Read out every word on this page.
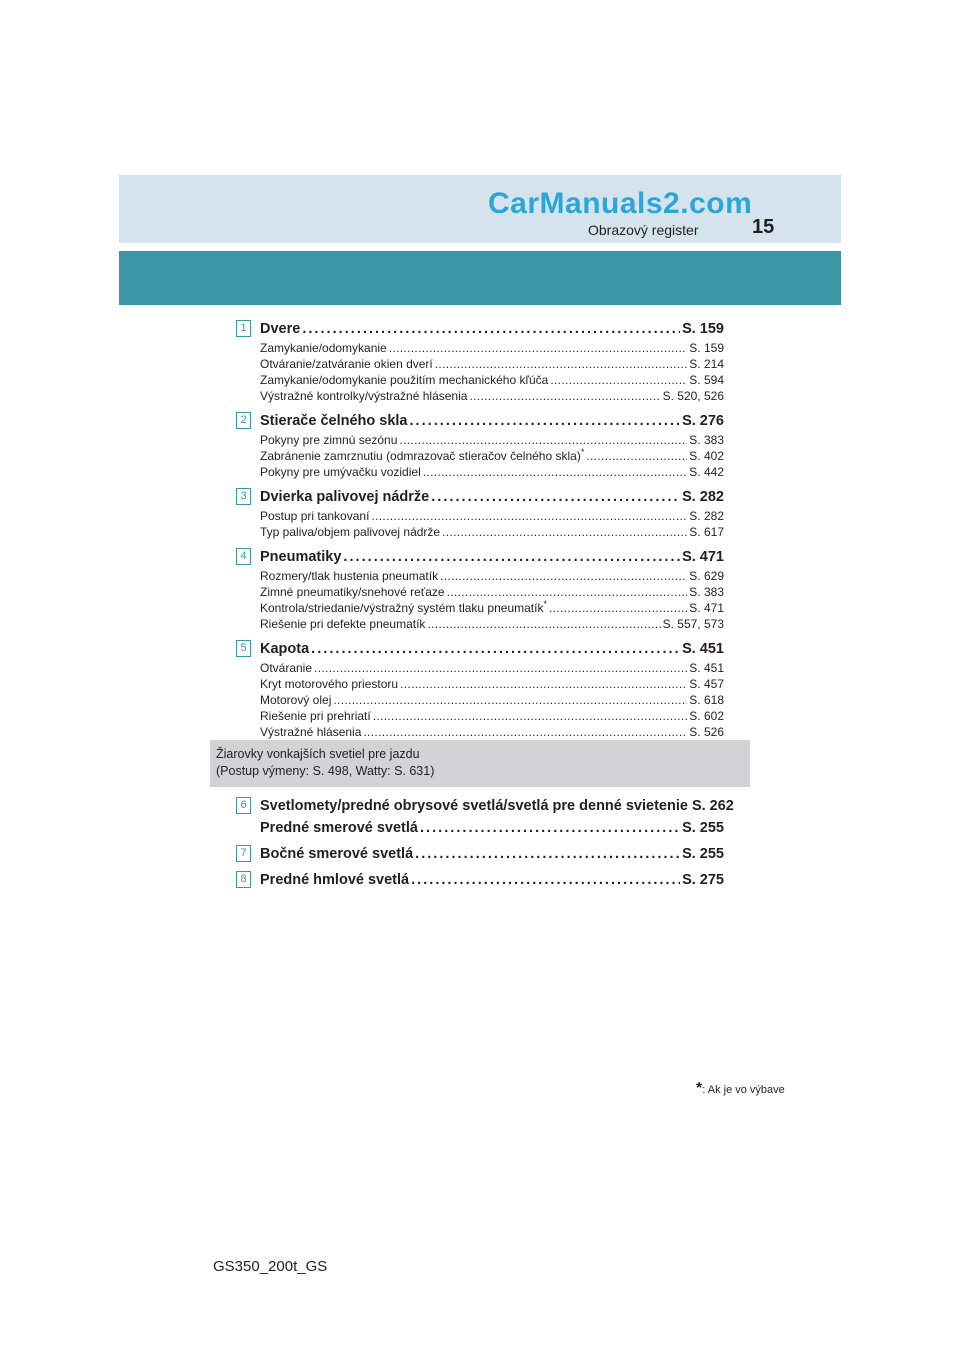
CarManuals2.com
Obrazový register	15
1 Dvere . . .	S. 159
Zamykanie/odomykanie . . .	S. 159
Otváranie/zatváranie okien dverí . . .	S. 214
Zamykanie/odomykanie použitím mechanického kľúča . . .	S. 594
Výstražné kontrolky/výstražné hlásenia . . .	S. 520, 526
2 Stierače čelného skla . . .	S. 276
Pokyny pre zimnú sezónu . . .	S. 383
Zabránenie zamrznutiu (odmrazovač stieračov čelného skla)* . . .	S. 402
Pokyny pre umývačku vozidiel . . .	S. 442
3 Dvierka palivovej nádrže . . .	S. 282
Postup pri tankovaní . . .	S. 282
Typ paliva/objem palivovej nádrže . . .	S. 617
4 Pneumatiky . . .	S. 471
Rozmery/tlak hustenia pneumatík . . .	S. 629
Zimné pneumatiky/snehové reťaze . . .	S. 383
Kontrola/striedanie/výstražný systém tlaku pneumatík* . . .	S. 471
Riešenie pri defekte pneumatík . . .	S. 557, 573
5 Kapota . . .	S. 451
Otváranie . . .	S. 451
Kryt motorového priestoru . . .	S. 457
Motorový olej . . .	S. 618
Riešenie pri prehriatí . . .	S. 602
Výstražné hlásenia . . .	S. 526
Žiarovky vonkajších svetiel pre jazdu
(Postup výmeny: S. 498, Watty: S. 631)
6 Svetlomety/predné obrysové svetlá/svetlá pre denné svietenie S. 262
Predné smerové svetlá . . .	S. 255
7 Bočné smerové svetlá . . .	S. 255
8 Predné hmlové svetlá . . .	S. 275
*: Ak je vo výbave
GS350_200t_GS
